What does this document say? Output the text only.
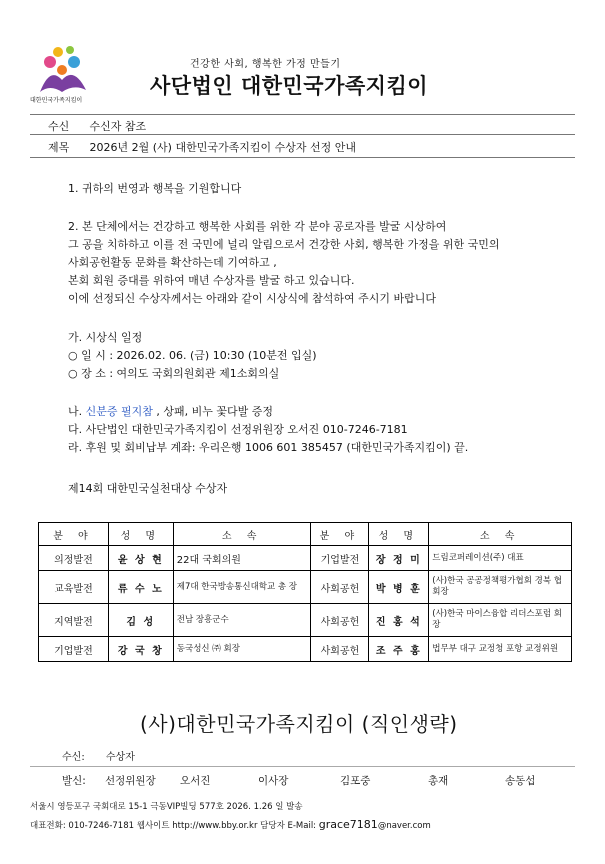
대한민국가족지킴이
건강한 사회, 행복한 가정 만들기
사단법인 대한민국가족지킴이
수신 수신자 참조
제목 2026년 2월 (사) 대한민국가족지킴이 수상자 선정 안내
1. 귀하의 번영과 행복을 기원합니다

2. 본 단체에서는 건강하고 행복한 사회를 위한 각 분야 공로자를 발굴 시상하여

그 공을 치하하고 이를 전 국민에 널리 알림으로서 건강한 사회, 행복한 가정을 위한 국민의

사회공헌활동 문화를 확산하는데 기여하고 ,

본회 회원 증대를 위하여 매년 수상자를 발굴 하고 있습니다.

이에 선정되신 수상자께서는 아래와 같이 시상식에 참석하여 주시기 바랍니다

가. 시상식 일정

○ 일 시 : 2026.02. 06. (금) 10:30 (10분전 입실)

○ 장 소 : 여의도 국회의원회관 제1소회의실

나. 신분증 필지참 , 상패, 비누 꽃다발 증정

다. 사단법인 대한민국가족지킴이 선정위원장 오서진 010-7246-7181

라. 후원 및 회비납부 계좌: 우리은행 1006 601 385457 (대한민국가족지킴이) 끝.

제14회 대한민국실천대상 수상자
분 야	성 명	소 속	분 야	성 명	소 속
의정발전	윤 상 현	22대 국회의원	기업발전	장 정 미	드림코퍼레이션(주) 대표
교육발전	류 수 노	제7대 한국방송통신대학교 총 장	사회공헌	박 병 훈	(사)한국 공공정책평가협회 경북 협회장
지역발전	김 성	전남 장흥군수	사회공헌	진 홍 석	(사)한국 마이스융합 리더스포럼 회장
기업발전	강 국 창	동국성신 ㈜ 회장	사회공헌	조 주 홍	법무부 대구 교정청 포항 교정위원
(사)대한민국가족지킴이 (직인생략)
수신: 수상자
발신: 선정위원장 오서진	이사장	김포중	총재	송동섭
서울시 영등포구 국회대로 15-1 극동VIP빌딩 577호 2026. 1.26 일 발송
대표전화: 010-7246-7181 웹사이트 http://www.bby.or.kr 담당자 E-Mail: grace7181@naver.com
